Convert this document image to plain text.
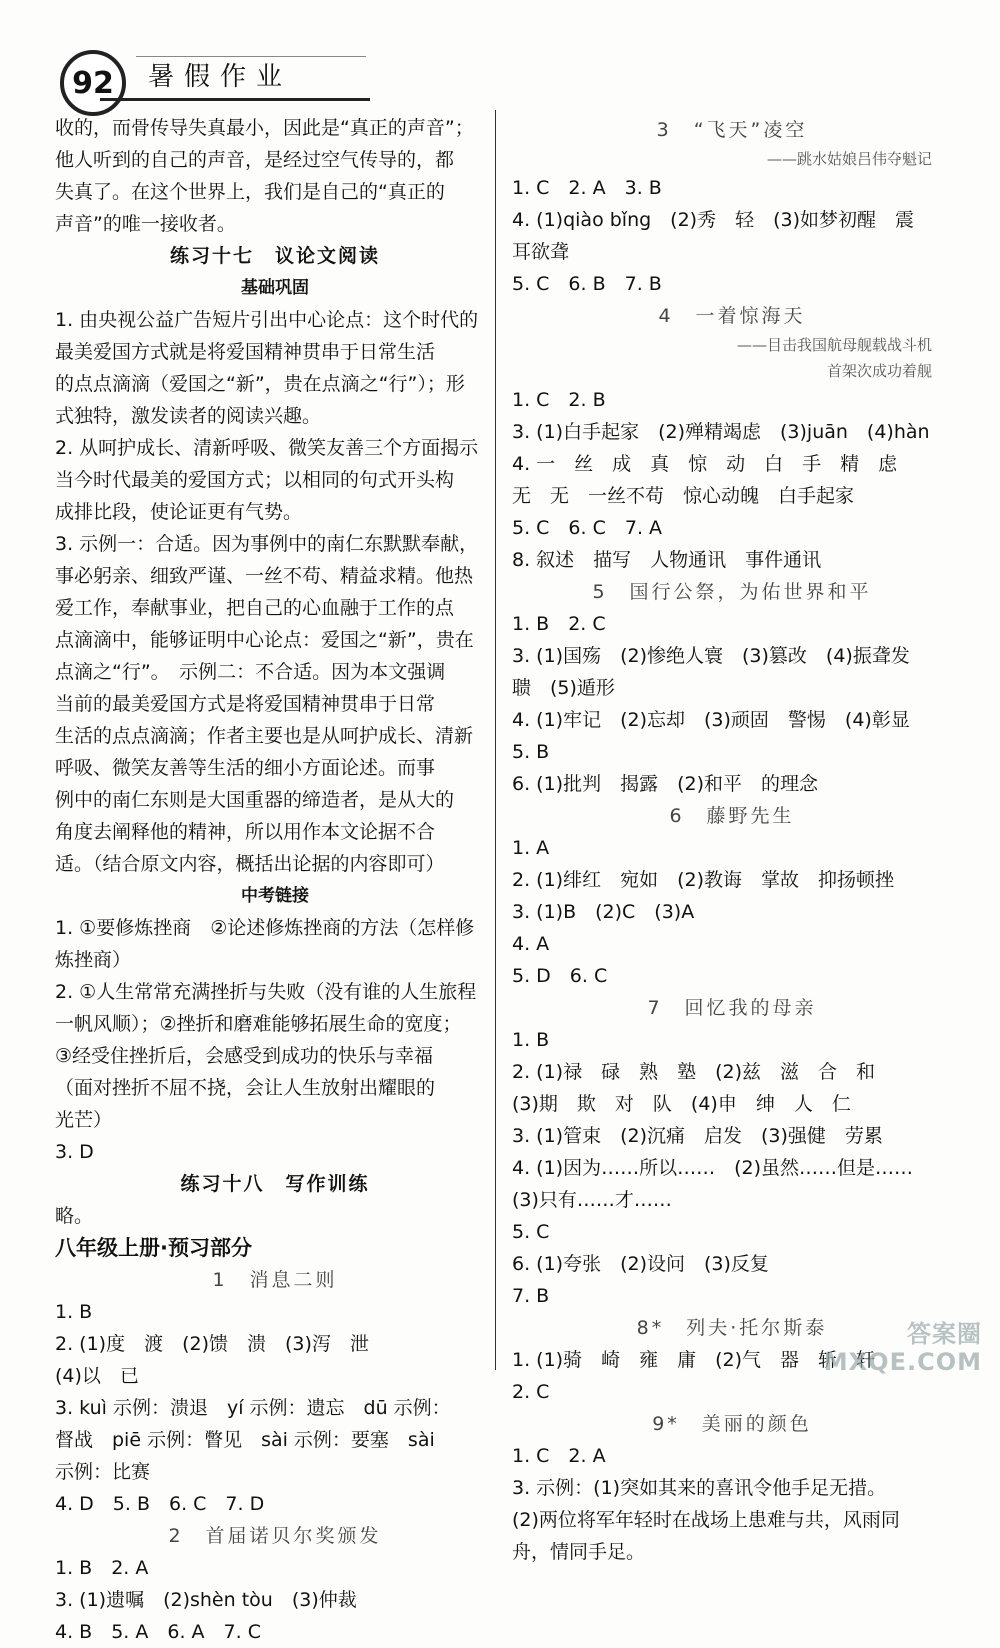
92	暑假作业
收的，而骨传导失真最小，因此是“真正的声音”；
他人听到的自己的声音，是经过空气传导的，都
失真了。在这个世界上，我们是自己的“真正的
声音”的唯一接收者。
练习十七　议论文阅读
基础巩固
1. 由央视公益广告短片引出中心论点：这个时代的
最美爱国方式就是将爱国精神贯串于日常生活
的点点滴滴（爱国之“新”，贵在点滴之“行”）；形
式独特，激发读者的阅读兴趣。
2. 从呵护成长、清新呼吸、微笑友善三个方面揭示
当今时代最美的爱国方式；以相同的句式开头构
成排比段，使论证更有气势。
3. 示例一：合适。因为事例中的南仁东默默奉献，
事必躬亲、细致严谨、一丝不苟、精益求精。他热
爱工作，奉献事业，把自己的心血融于工作的点
点滴滴中，能够证明中心论点：爱国之“新”，贵在
点滴之“行”。　示例二：不合适。因为本文强调
当前的最美爱国方式是将爱国精神贯串于日常
生活的点点滴滴；作者主要也是从呵护成长、清新
呼吸、微笑友善等生活的细小方面论述。而事
例中的南仁东则是大国重器的缔造者，是从大的
角度去阐释他的精神，所以用作本文论据不合
适。（结合原文内容，概括出论据的内容即可）
中考链接
1. ①要修炼挫商　②论述修炼挫商的方法（怎样修
炼挫商）
2. ①人生常常充满挫折与失败（没有谁的人生旅程
一帆风顺）；②挫折和磨难能够拓展生命的宽度；
③经受住挫折后，会感受到成功的快乐与幸福
（面对挫折不屈不挠，会让人生放射出耀眼的
光芒）
3. D
练习十八　写作训练
略。
八年级上册·预习部分
1　消息二则
1. B
2. (1)度　渡　(2)馈　溃　(3)泻　泄
(4)以　已
3. kuì 示例：溃退　yí 示例：遗忘　dū 示例：
督战　piē 示例：瞥见　sài 示例：要塞　sài
示例：比赛
4. D　5. B　6. C　7. D
2　首届诺贝尔奖颁发
1. B　2. A
3. (1)遗嘱　(2)shèn tòu　(3)仲裁
4. B　5. A　6. A　7. C
3　“飞天”凌空
——跳水姑娘吕伟夺魁记
1. C　2. A　3. B
4. (1)qiào bǐng　(2)秀　轻　(3)如梦初醒　震
耳欲聋
5. C　6. B　7. B
4　一着惊海天
——目击我国航母舰载战斗机
首架次成功着舰
1. C　2. B
3. (1)白手起家　(2)殚精竭虑　(3)juān　(4)hàn
4. 一　丝　成　真　惊　动　白　手　精　虑
无　无　一丝不苟　惊心动魄　白手起家
5. C　6. C　7. A
8. 叙述　描写　人物通讯　事件通讯
5　国行公祭，为佑世界和平
1. B　2. C
3. (1)国殇　(2)惨绝人寰　(3)篡改　(4)振聋发
聩　(5)遁形
4. (1)牢记　(2)忘却　(3)顽固　警惕　(4)彰显
5. B
6. (1)批判　揭露　(2)和平　的理念
6　藤野先生
1. A
2. (1)绯红　宛如　(2)教诲　掌故　抑扬顿挫
3. (1)B　(2)C　(3)A
4. A
5. D　6. C
7　回忆我的母亲
1. B
2. (1)禄　碌　熟　塾　(2)兹　滋　合　和
(3)期　欺　对　队　(4)申　绅　人　仁
3. (1)管束　(2)沉痛　启发　(3)强健　劳累
4. (1)因为……所以……　(2)虽然……但是……
(3)只有……才……
5. C
6. (1)夸张　(2)设问　(3)反复
7. B
8*　列夫·托尔斯泰
1. (1)骑　崎　雍　庸　(2)气　器　斩　轩
2. C
9*　美丽的颜色
1. C　2. A
3. 示例：(1)突如其来的喜讯令他手足无措。
(2)两位将军年轻时在战场上患难与共，风雨同
舟，情同手足。
答案圈
MXQE.COM
